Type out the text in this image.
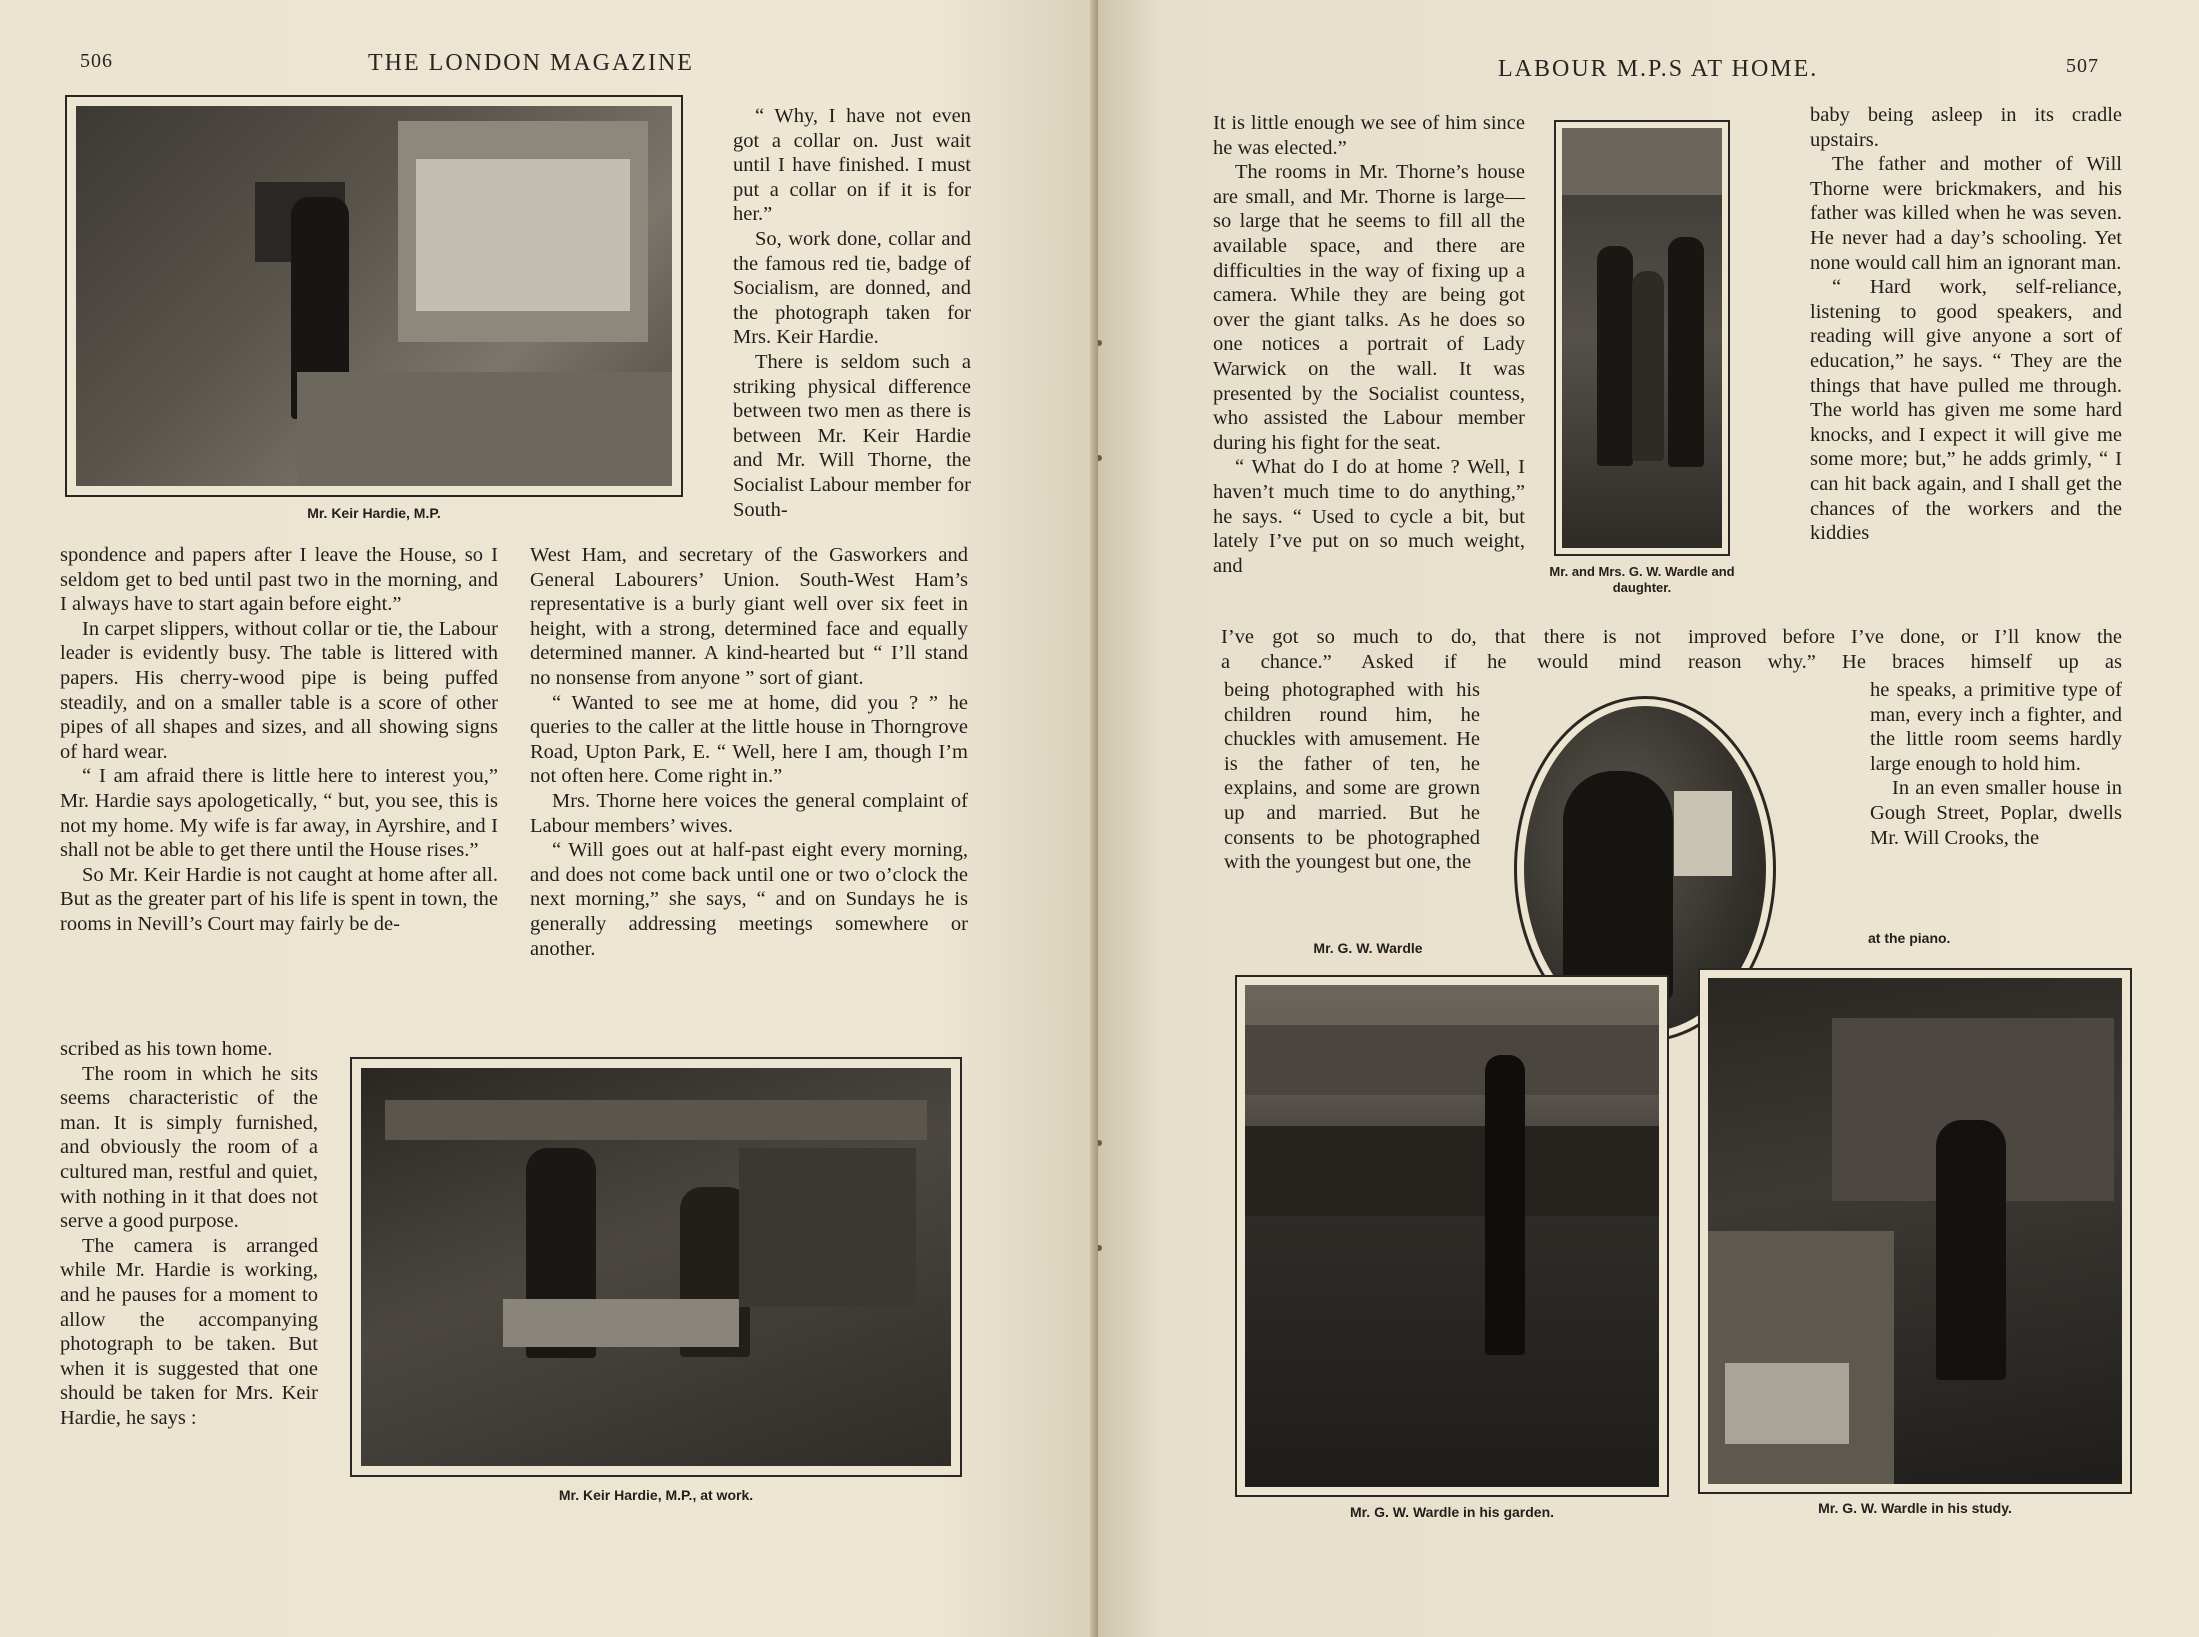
506	THE LONDON MAGAZINE
Mr. Keir Hardie, M.P.

spondence and papers after I leave the House, so I seldom get to bed until past two in the morning, and I always have to start again before eight.”

In carpet slippers, without collar or tie, the Labour leader is evidently busy. The table is littered with papers. His cherry-wood pipe is being puffed steadily, and on a smaller table is a score of other pipes of all shapes and sizes, and all showing signs of hard wear.

“ I am afraid there is little here to interest you,” Mr. Hardie says apologetically, “ but, you see, this is not my home. My wife is far away, in Ayrshire, and I shall not be able to get there until the House rises.”

So Mr. Keir Hardie is not caught at home after all. But as the greater part of his life is spent in town, the rooms in Nevill’s Court may fairly be de-

scribed as his town home.

The room in which he sits seems characteristic of the man. It is simply furnished, and obviously the room of a cultured man, restful and quiet, with nothing in it that does not serve a good purpose.

The camera is arranged while Mr. Hardie is working, and he pauses for a moment to allow the accompanying photograph to be taken. But when it is suggested that one should be taken for Mrs. Keir Hardie, he says :

“ Why, I have not even got a collar on. Just wait until I have finished. I must put a collar on if it is for her.”

So, work done, collar and the famous red tie, badge of Socialism, are donned, and the photograph taken for Mrs. Keir Hardie.

There is seldom such a striking physical difference between two men as there is between Mr. Keir Hardie and Mr. Will Thorne, the Socialist Labour member for South-

West Ham, and secretary of the Gasworkers and General Labourers’ Union. South-West Ham’s representative is a burly giant well over six feet in height, with a strong, determined face and equally determined manner. A kind-hearted but “ I’ll stand no nonsense from anyone ” sort of giant.

“ Wanted to see me at home, did you ? ” he queries to the caller at the little house in Thorngrove Road, Upton Park, E. “ Well, here I am, though I’m not often here. Come right in.”

Mrs. Thorne here voices the general complaint of Labour members’ wives.

“ Will goes out at half-past eight every morning, and does not come back until one or two o’clock the next morning,” she says, “ and on Sundays he is generally addressing meetings somewhere or another.

Mr. Keir Hardie, M.P., at work.
LABOUR M.P.S AT HOME.	507

It is little enough we see of him since he was elected.”

The rooms in Mr. Thorne’s house are small, and Mr. Thorne is large—so large that he seems to fill all the available space, and there are difficulties in the way of fixing up a camera. While they are being got over the giant talks. As he does so one notices a portrait of Lady Warwick on the wall. It was presented by the Socialist countess, who assisted the Labour member during his fight for the seat.

“ What do I do at home ? Well, I haven’t much time to do anything,” he says. “ Used to cycle a bit, but lately I’ve put on so much weight, and	Mr. and Mrs. G. W. Wardle and daughter.

baby being asleep in its cradle upstairs.

The father and mother of Will Thorne were brickmakers, and his father was killed when he was seven. He never had a day’s schooling. Yet none would call him an ignorant man.

“ Hard work, self-reliance, listening to good speakers, and reading will give anyone a sort of education,” he says. “ They are the things that have pulled me through. The world has given me some hard knocks, and I expect it will give me some more; but,” he adds grimly, “ I can hit back again, and I shall get the chances of the workers and the kiddies

I’ve got so much to do, that there is not improved before I’ve done, or I’ll know the
a chance.” Asked if he would mind reason why.” He braces himself up as

being photographed with his children round him, he chuckles with amusement. He is the father of ten, he explains, and some are grown up and married. But he consents to be photographed with the youngest but one, the

he speaks, a primitive type of man, every inch a fighter, and the little room seems hardly large enough to hold him.

In an even smaller house in Gough Street, Poplar, dwells Mr. Will Crooks, the

Mr. G. W. Wardle
at the piano.
Mr. G. W. Wardle in his garden.	Mr. G. W. Wardle in his study.
